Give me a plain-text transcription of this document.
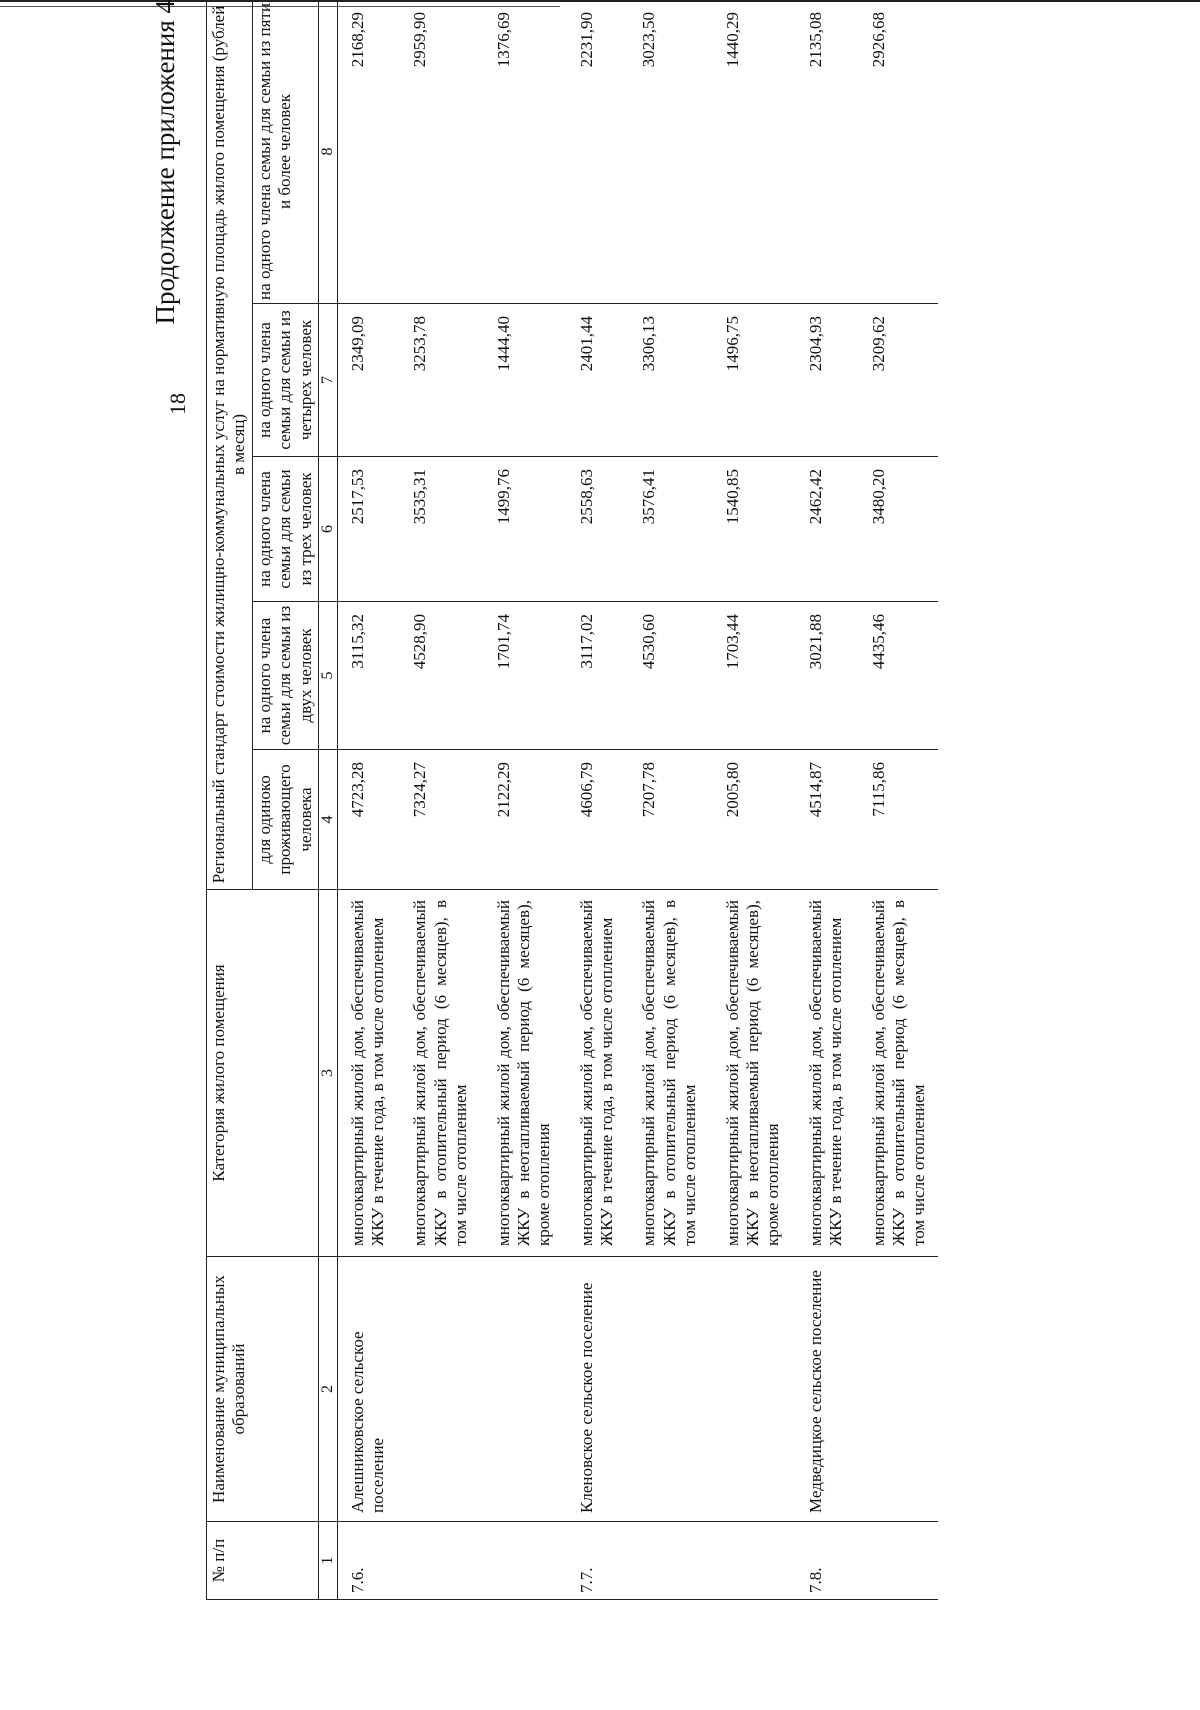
18
Продолжение приложения 4
№ п/п	Наименование муниципальных образований	Категория жилого помещения	Региональный стандарт стоимости жилищно-коммунальных услуг на нормативную площадь жилого помещения (рублей в месяц)				
			для одиноко проживающего человека	на одного члена семьи для семьи из двух человек	на одного члена семьи для семьи из трех человек	на одного члена семьи для семьи из четырех человек	на одного члена семьи для семьи из пяти и более человек
1	2	3	4	5	6	7	8
7.6.	Алешниковское сельское поселение	многоквартирный жилой дом, обеспечиваемый ЖКУ в течение года, в том числе отоплением	4723,28	3115,32	2517,53	2349,09	2168,29
		многоквартирный жилой дом, обеспечиваемый ЖКУ в отопительный период (6 месяцев), в том числе отоплением	7324,27	4528,90	3535,31	3253,78	2959,90
		многоквартирный жилой дом, обеспечиваемый ЖКУ в неотапливаемый период (6 месяцев), кроме отопления	2122,29	1701,74	1499,76	1444,40	1376,69
7.7.	Кленовское сельское поселение	многоквартирный жилой дом, обеспечиваемый ЖКУ в течение года, в том числе отоплением	4606,79	3117,02	2558,63	2401,44	2231,90
		многоквартирный жилой дом, обеспечиваемый ЖКУ в отопительный период (6 месяцев), в том числе отоплением	7207,78	4530,60	3576,41	3306,13	3023,50
		многоквартирный жилой дом, обеспечиваемый ЖКУ в неотапливаемый период (6 месяцев), кроме отопления	2005,80	1703,44	1540,85	1496,75	1440,29
7.8.	Медведицкое сельское поселение	многоквартирный жилой дом, обеспечиваемый ЖКУ в течение года, в том числе отоплением	4514,87	3021,88	2462,42	2304,93	2135,08
		многоквартирный жилой дом, обеспечиваемый ЖКУ в отопительный период (6 месяцев), в том числе отоплением	7115,86	4435,46	3480,20	3209,62	2926,68
